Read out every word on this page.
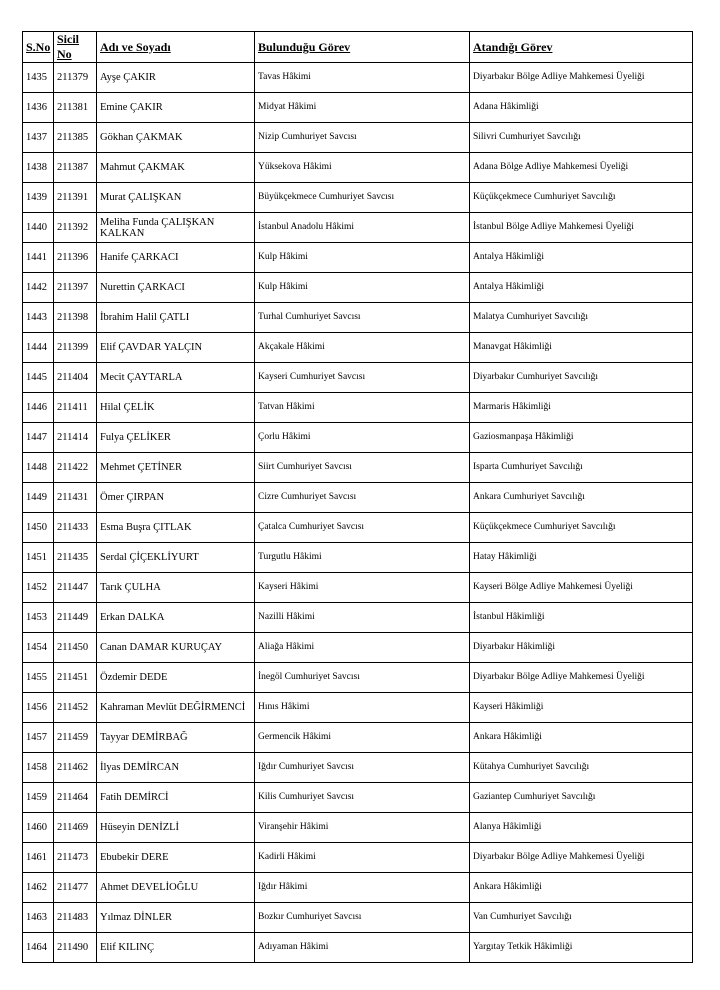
S.No	Sicil No	Adı ve Soyadı	Bulunduğu Görev	Atandığı Görev
1435	211379	Ayşe ÇAKIR	Tavas Hâkimi	Diyarbakır Bölge Adliye Mahkemesi Üyeliği
1436	211381	Emine ÇAKIR	Midyat Hâkimi	Adana Hâkimliği
1437	211385	Gökhan ÇAKMAK	Nizip Cumhuriyet Savcısı	Silivri Cumhuriyet Savcılığı
1438	211387	Mahmut ÇAKMAK	Yüksekova Hâkimi	Adana Bölge Adliye Mahkemesi Üyeliği
1439	211391	Murat ÇALIŞKAN	Büyükçekmece Cumhuriyet Savcısı	Küçükçekmece Cumhuriyet Savcılığı
1440	211392	Meliha Funda ÇALIŞKAN KALKAN	İstanbul Anadolu Hâkimi	İstanbul Bölge Adliye Mahkemesi Üyeliği
1441	211396	Hanife ÇARKACI	Kulp Hâkimi	Antalya Hâkimliği
1442	211397	Nurettin ÇARKACI	Kulp Hâkimi	Antalya Hâkimliği
1443	211398	İbrahim Halil ÇATLI	Turhal Cumhuriyet Savcısı	Malatya Cumhuriyet Savcılığı
1444	211399	Elif ÇAVDAR YALÇIN	Akçakale Hâkimi	Manavgat Hâkimliği
1445	211404	Mecit ÇAYTARLA	Kayseri Cumhuriyet Savcısı	Diyarbakır Cumhuriyet Savcılığı
1446	211411	Hilal ÇELİK	Tatvan Hâkimi	Marmaris Hâkimliği
1447	211414	Fulya ÇELİKER	Çorlu Hâkimi	Gaziosmanpaşa Hâkimliği
1448	211422	Mehmet ÇETİNER	Siirt Cumhuriyet Savcısı	Isparta Cumhuriyet Savcılığı
1449	211431	Ömer ÇIRPAN	Cizre Cumhuriyet Savcısı	Ankara Cumhuriyet Savcılığı
1450	211433	Esma Buşra ÇITLAK	Çatalca Cumhuriyet Savcısı	Küçükçekmece Cumhuriyet Savcılığı
1451	211435	Serdal ÇİÇEKLİYURT	Turgutlu Hâkimi	Hatay Hâkimliği
1452	211447	Tarık ÇULHA	Kayseri Hâkimi	Kayseri Bölge Adliye Mahkemesi Üyeliği
1453	211449	Erkan DALKA	Nazilli Hâkimi	İstanbul Hâkimliği
1454	211450	Canan DAMAR KURUÇAY	Aliağa Hâkimi	Diyarbakır Hâkimliği
1455	211451	Özdemir DEDE	İnegöl Cumhuriyet Savcısı	Diyarbakır Bölge Adliye Mahkemesi Üyeliği
1456	211452	Kahraman Mevlüt DEĞİRMENCİ	Hınıs Hâkimi	Kayseri Hâkimliği
1457	211459	Tayyar DEMİRBAĞ	Germencik Hâkimi	Ankara Hâkimliği
1458	211462	İlyas DEMİRCAN	Iğdır Cumhuriyet Savcısı	Kütahya Cumhuriyet Savcılığı
1459	211464	Fatih DEMİRCİ	Kilis Cumhuriyet Savcısı	Gaziantep Cumhuriyet Savcılığı
1460	211469	Hüseyin DENİZLİ	Viranşehir Hâkimi	Alanya Hâkimliği
1461	211473	Ebubekir DERE	Kadirli Hâkimi	Diyarbakır Bölge Adliye Mahkemesi Üyeliği
1462	211477	Ahmet DEVELİOĞLU	Iğdır Hâkimi	Ankara Hâkimliği
1463	211483	Yılmaz DİNLER	Bozkır Cumhuriyet Savcısı	Van Cumhuriyet Savcılığı
1464	211490	Elif KILINÇ	Adıyaman Hâkimi	Yargıtay Tetkik Hâkimliği
